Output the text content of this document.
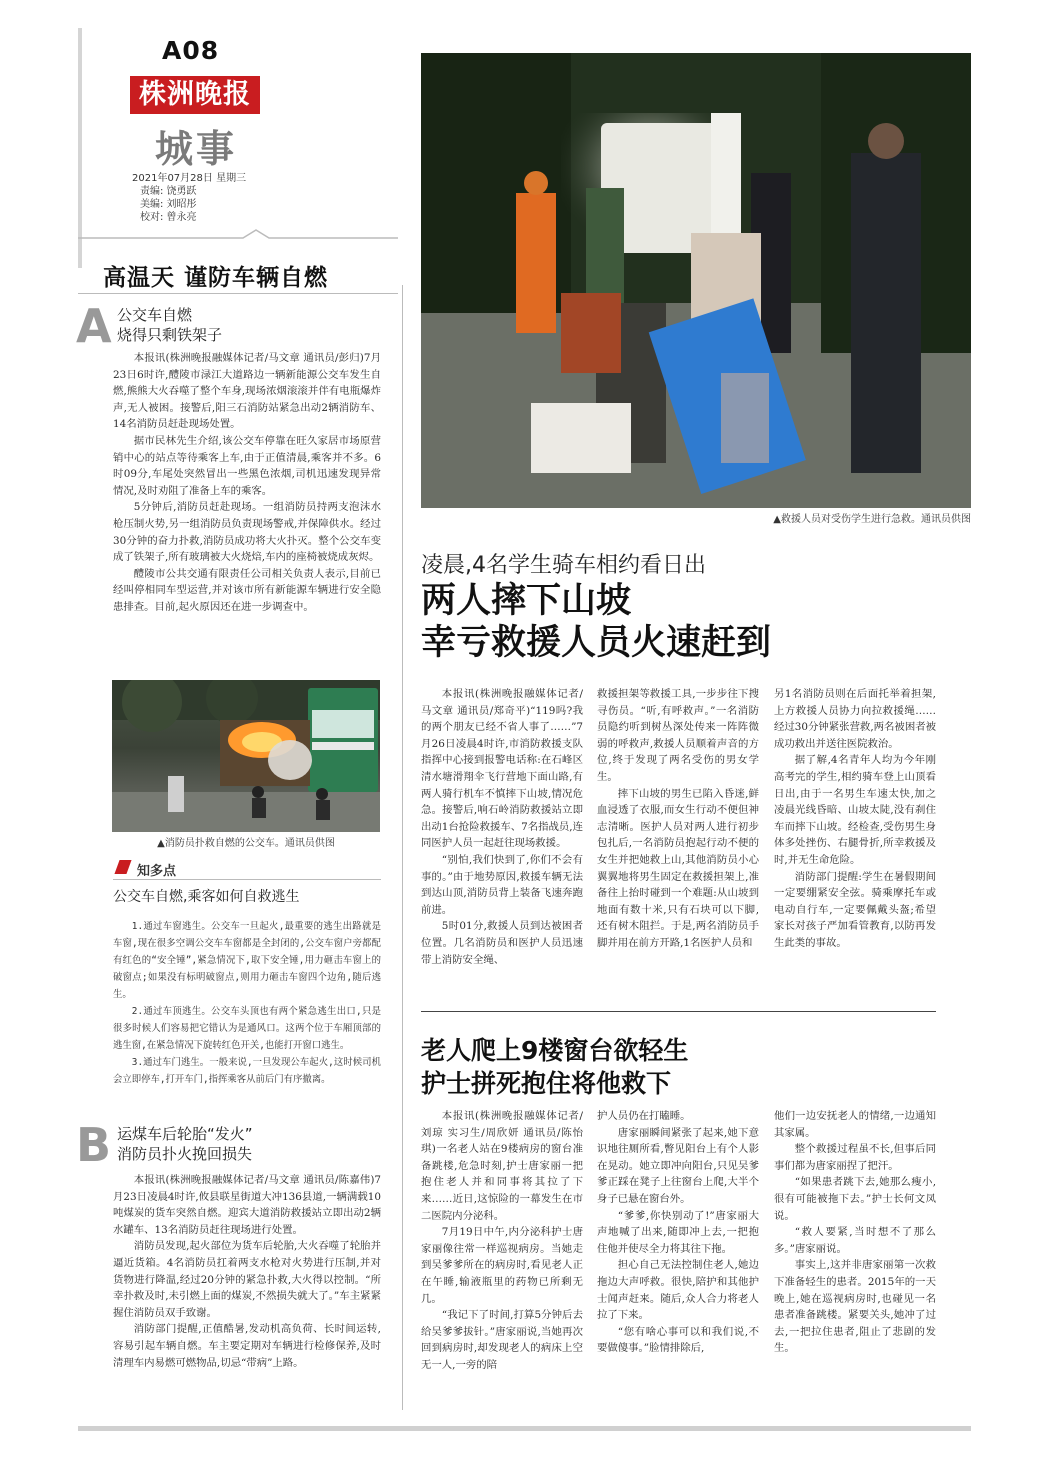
A08
株洲晚报
城事
2021年07月28日 星期三
责编: 饶勇跃
美编: 刘昭彤
校对: 曾永亮
高温天 谨防车辆自燃
A 公交车自燃
烧得只剩铁架子

本报讯(株洲晚报融媒体记者/马文章 通讯员/彭归)7月23日6时许,醴陵市渌江大道路边一辆新能源公交车发生自燃,熊熊大火吞噬了整个车身,现场浓烟滚滚并伴有电瓶爆炸声,无人被困。接警后,阳三石消防站紧急出动2辆消防车、14名消防员赶赴现场处置。

据市民林先生介绍,该公交车停靠在旺久家居市场原营销中心的站点等待乘客上车,由于正值清晨,乘客并不多。6时09分,车尾处突然冒出一些黑色浓烟,司机迅速发现异常情况,及时劝阻了准备上车的乘客。

5分钟后,消防员赶赴现场。一组消防员持两支泡沫水枪压制火势,另一组消防员负责现场警戒,并保障供水。经过30分钟的奋力扑救,消防员成功将大火扑灭。整个公交车变成了铁架子,所有玻璃被大火烧焙,车内的座椅被烧成灰烬。

醴陵市公共交通有限责任公司相关负责人表示,目前已经叫停相同车型运营,并对该市所有新能源车辆进行安全隐患排查。目前,起火原因还在进一步调查中。

▲消防员扑救自燃的公交车。通讯员供图
知多点
公交车自燃,乘客如何自救逃生

1.通过车窗逃生。公交车一旦起火,最重要的逃生出路就是车窗,现在很多空调公交车车窗都是全封闭的,公交车窗户旁都配有红色的“安全锤”,紧急情况下,取下安全锤,用力砸击车窗上的破窗点;如果没有标明破窗点,则用力砸击车窗四个边角,随后逃生。

2.通过车顶逃生。公交车头顶也有两个紧急逃生出口,只是很多时候人们容易把它错认为是通风口。这两个位于车厢顶部的逃生窗,在紧急情况下旋转红色开关,也能打开窗口逃生。

3.通过车门逃生。一般来说,一旦发现公车起火,这时候司机会立即停车,打开车门,指挥乘客从前后门有序撤离。

B 运煤车后轮胎“发火”
消防员扑火挽回损失

本报讯(株洲晚报融媒体记者/马文章 通讯员/陈嘉伟)7月23日凌晨4时许,攸县联星街道大冲136县道,一辆满载10吨煤炭的货车突然自燃。迎宾大道消防救援站立即出动2辆水罐车、13名消防员赶往现场进行处置。

消防员发现,起火部位为货车后轮胎,大火吞噬了轮胎并逼近货箱。4名消防员扛着两支水枪对火势进行压制,并对货物进行降温,经过20分钟的紧急扑救,大火得以控制。“所幸扑救及时,未引燃上面的煤炭,不然损失就大了。”车主紧紧握住消防员双手致谢。

消防部门提醒,正值酷暑,发动机高负荷、长时间运转,容易引起车辆自燃。车主要定期对车辆进行检修保养,及时清理车内易燃可燃物品,切忌“带病”上路。

▲救援人员对受伤学生进行急救。通讯员供图
凌晨,4名学生骑车相约看日出
两人摔下山坡
幸亏救援人员火速赶到

本报讯(株洲晚报融媒体记者/马文章 通讯员/郑奇平)“119吗?我的两个朋友已经不省人事了……”7月26日凌晨4时许,市消防救援支队指挥中心接到报警电话称:在石峰区清水塘滑翔伞飞行营地下面山路,有两人骑行机车不慎摔下山坡,情况危急。接警后,响石岭消防救援站立即出动1台抢险救援车、7名指战员,连同医护人员一起赶往现场救援。

“别怕,我们快到了,你们不会有事的。”由于地势原因,救援车辆无法到达山顶,消防员背上装备飞速奔跑前进。

5时01分,救援人员到达被困者位置。几名消防员和医护人员迅速带上消防安全绳、

救援担架等救援工具,一步步往下搜寻伤员。“听,有呼救声。”一名消防员隐约听到树丛深处传来一阵阵微弱的呼救声,救援人员顺着声音的方位,终于发现了两名受伤的男女学生。

摔下山坡的男生已陷入昏迷,鲜血浸透了衣服,而女生行动不便但神志清晰。医护人员对两人进行初步包扎后,一名消防员抱起行动不便的女生并把她救上山,其他消防员小心翼翼地将男生固定在救援担架上,准备往上抬时碰到一个难题:从山坡到地面有数十米,只有石块可以下脚,还有树木阻拦。于是,两名消防员手脚并用在前方开路,1名医护人员和

另1名消防员则在后面托举着担架,上方救援人员协力向拉救援绳……经过30分钟紧张营救,两名被困者被成功救出并送往医院救治。

据了解,4名青年人均为今年刚高考完的学生,相约骑车登上山顶看日出,由于一名男生车速太快,加之凌晨光线昏暗、山坡太陡,没有刹住车而摔下山坡。经检查,受伤男生身体多处挫伤、右腿骨折,所幸救援及时,并无生命危险。

消防部门提醒:学生在暑假期间一定要绷紧安全弦。骑乘摩托车或电动自行车,一定要佩戴头盔;希望家长对孩子严加看管教育,以防再发生此类的事故。

老人爬上9楼窗台欲轻生
护士拼死抱住将他救下

本报讯(株洲晚报融媒体记者/刘琼 实习生/周欣妍 通讯员/陈怡琪)一名老人站在9楼病房的窗台准备跳楼,危急时刻,护士唐家丽一把抱住老人并和同事将其拉了下来……近日,这惊险的一幕发生在市二医院内分泌科。

7月19日中午,内分泌科护士唐家丽像往常一样巡视病房。当她走到吴爹爹所在的病房时,看见老人正在午睡,输液瓶里的药物已所剩无几。

“我记下了时间,打算5分钟后去给吴爹爹拔针。”唐家丽说,当她再次回到病房时,却发现老人的病床上空无一人,一旁的陪

护人员仍在打瞌睡。

唐家丽瞬间紧张了起来,她下意识地往厕所看,瞥见阳台上有个人影在晃动。她立即冲向阳台,只见吴爹爹正踩在凳子上往窗台上爬,大半个身子已悬在窗台外。

“爹爹,你快别动了!”唐家丽大声地喊了出来,随即冲上去,一把抱住他并使尽全力将其往下拖。

担心自己无法控制住老人,她边拖边大声呼救。很快,陪护和其他护士闻声赶来。随后,众人合力将老人拉了下来。

“您有啥心事可以和我们说,不要做傻事。”脸情排除后,

他们一边安抚老人的情绪,一边通知其家属。

整个救援过程虽不长,但事后同事们都为唐家丽捏了把汗。

“如果患者跳下去,她那么瘦小,很有可能被拖下去。”护士长何文凤说。

“救人要紧,当时想不了那么多。”唐家丽说。

事实上,这并非唐家丽第一次救下准备轻生的患者。2015年的一天晚上,她在巡视病房时,也碰见一名患者准备跳楼。紧要关头,她冲了过去,一把拉住患者,阻止了悲剧的发生。
